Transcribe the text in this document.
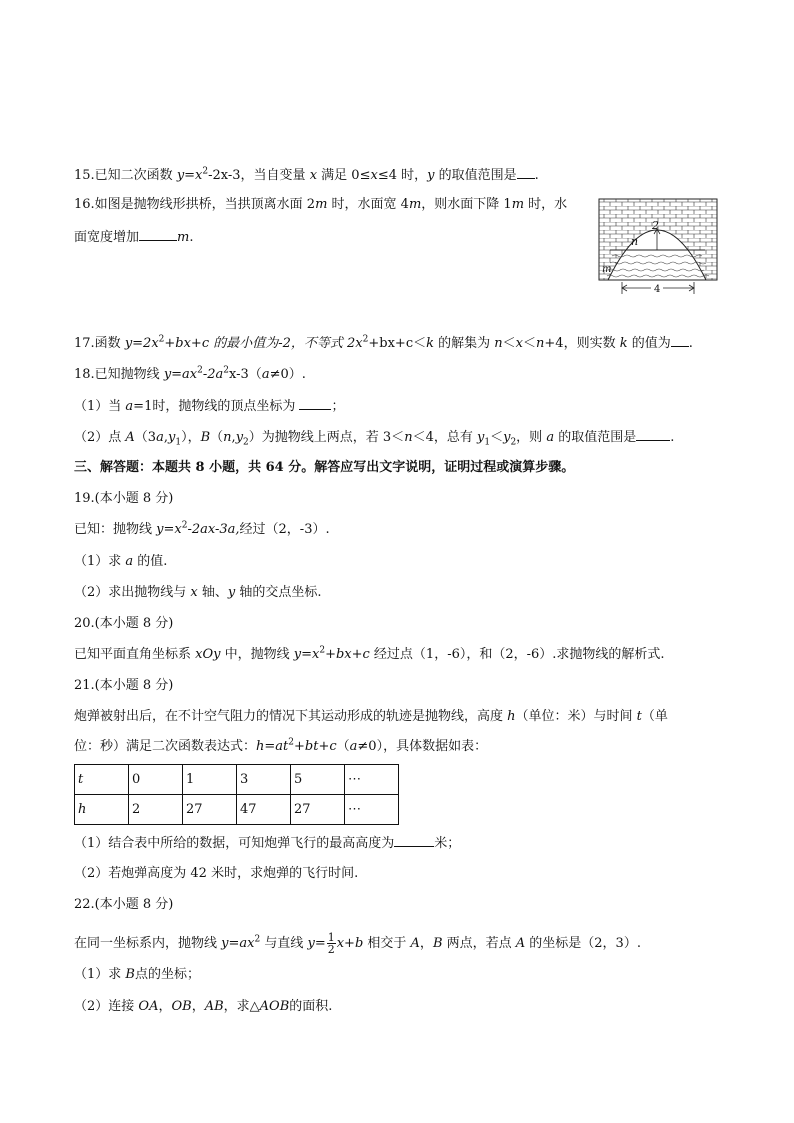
15.已知二次函数 $y=x^2-2x-3$，当自变量 x 满足 0≤x≤4 时，y 的取值范围是 .
16.如图是抛物线形拱桥，当拱顶离水面 2m 时，水面宽 4m，则水面下降 1m 时，水
面宽度增加	m.
2
n
m
4
17.函数 $y=2x^2+bx+c$ 的最小值为-2，不等式 $2x^2+bx+c<k$ 的解集为 n＜x＜n+4，则实数 k 的值为 .
18.已知抛物线 $y=ax^2-2a^2x-3(a\ne 0)$.
（1）当 a=1时，抛物线的顶点坐标为 ；
（2）点 $A(3a,y_1)$，$B(n,y_2)$为抛物线上两点，若 3＜n＜4，总有 $y_1<y_2$，则 a 的取值范围是	.
三、解答题：本题共 8 小题，共 64 分。解答应写出文字说明，证明过程或演算步骤。
19.(本小题 8 分)
已知：抛物线 $y=x^2-2ax-3a$,经过（2，-3）.
（1）求 a 的值.
（2）求出抛物线与 x 轴、y 轴的交点坐标.
20.(本小题 8 分)
已知平面直角坐标系 xOy 中，抛物线 $y=x^2+bx+c$ 经过点（1，-6），和（2，-6）.求抛物线的解析式.
21.(本小题 8 分)
炮弹被射出后，在不计空气阻力的情况下其运动形成的轨迹是抛物线，高度 h（单位：米）与时间 t（单
位：秒）满足二次函数表达式：$h=at^2+bt+c(a\ne 0)$，具体数据如表：
t	0	1	3	5	⋯
h	2	27	47	27	⋯
（1）结合表中所给的数据，可知炮弹飞行的最高高度为	米；
（2）若炮弹高度为 42 米时，求炮弹的飞行时间.
22.(本小题 8 分)
在同一坐标系内，抛物线 $y=ax^2$ 与直线 $y= \frac{1}{2} x+b$ 相交于 A，B 两点，若点 A 的坐标是（2，3）.
（1）求 B点的坐标；
（2）连接 OA，OB，AB，求△AOB的面积.
